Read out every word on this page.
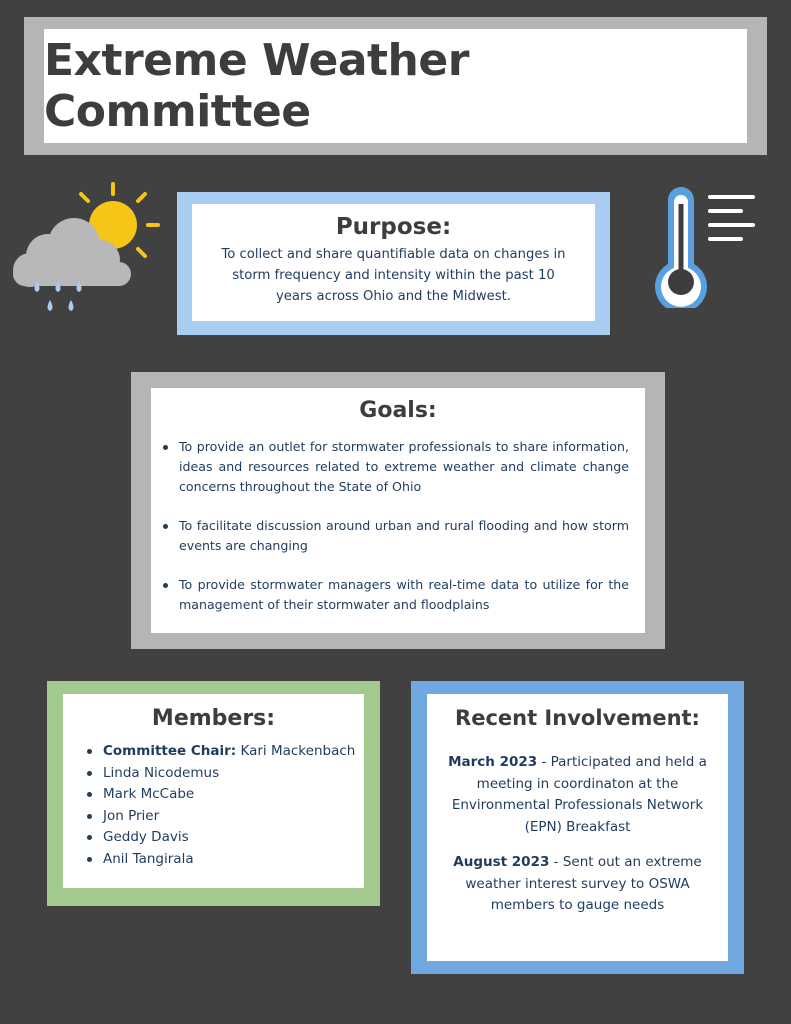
Extreme Weather Committee
Purpose:

To collect and share quantifiable data on changes in storm frequency and intensity within the past 10 years across Ohio and the Midwest.

Goals:
To provide an outlet for stormwater professionals to share information, ideas and resources related to extreme weather and climate change concerns throughout the State of Ohio
To facilitate discussion around urban and rural flooding and how storm events are changing
To provide stormwater managers with real-time data to utilize for the management of their stormwater and floodplains
Members:
Committee Chair: Kari Mackenbach
Linda Nicodemus
Mark McCabe
Jon Prier
Geddy Davis
Anil Tangirala
Recent Involvement:

March 2023 - Participated and held a meeting in coordinaton at the Environmental Professionals Network (EPN) Breakfast

August 2023 - Sent out an extreme weather interest survey to OSWA members to gauge needs
